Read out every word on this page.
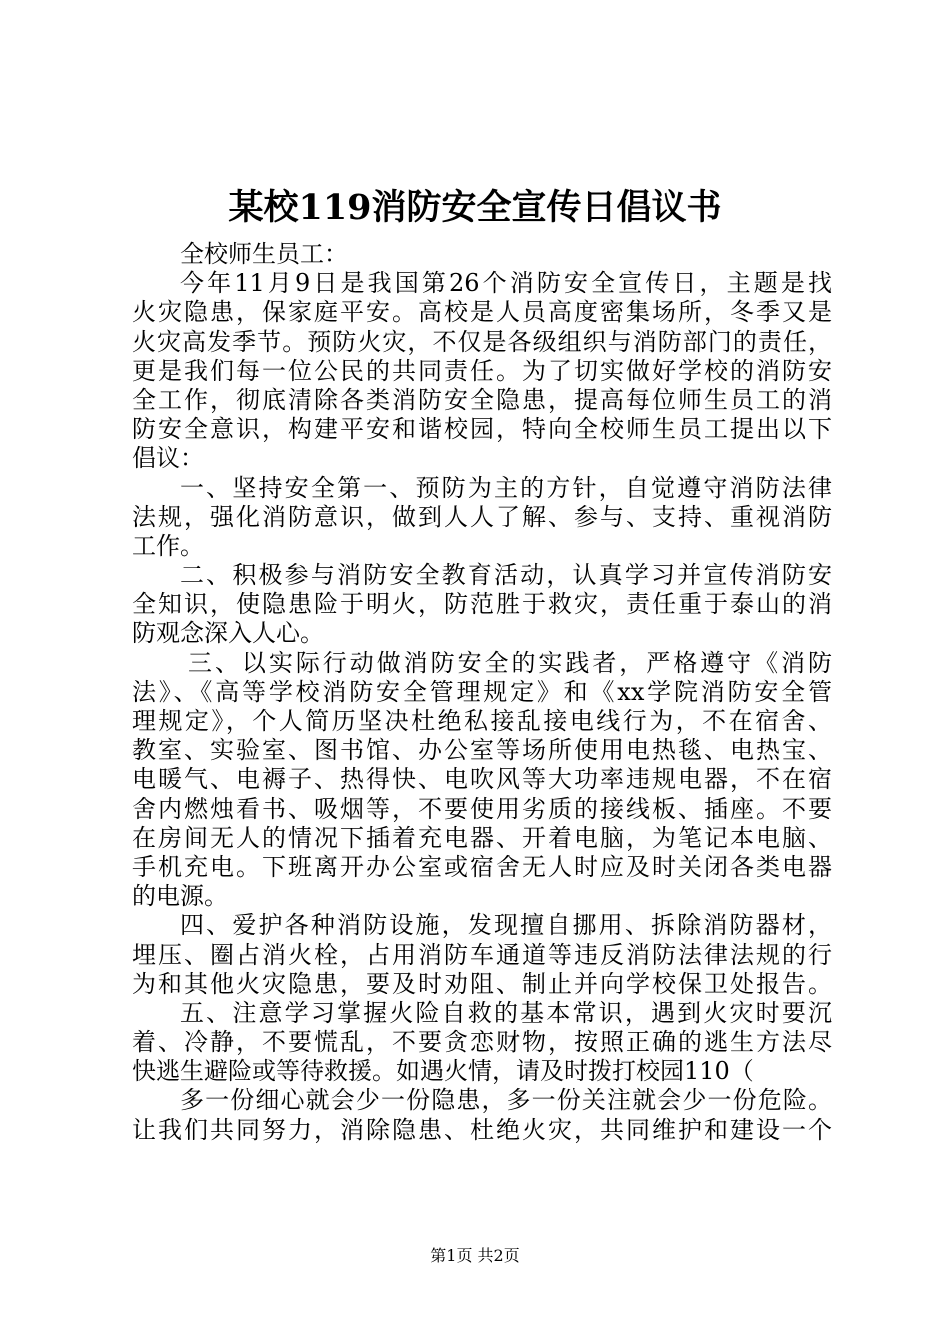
某校119消防安全宣传日倡议书
全校师生员工：
今年11月9日是我国第26个消防安全宣传日，主题是找
火灾隐患，保家庭平安。高校是人员高度密集场所，冬季又是
火灾高发季节。预防火灾，不仅是各级组织与消防部门的责任，
更是我们每一位公民的共同责任。为了切实做好学校的消防安
全工作，彻底清除各类消防安全隐患，提高每位师生员工的消
防安全意识，构建平安和谐校园，特向全校师生员工提出以下
倡议：
一、坚持安全第一、预防为主的方针，自觉遵守消防法律
法规，强化消防意识，做到人人了解、参与、支持、重视消防
工作。
二、积极参与消防安全教育活动，认真学习并宣传消防安
全知识，使隐患险于明火，防范胜于救灾，责任重于泰山的消
防观念深入人心。
三、以实际行动做消防安全的实践者，严格遵守《消防
法》、《高等学校消防安全管理规定》和《xx学院消防安全管
理规定》，个人简历坚决杜绝私接乱接电线行为，不在宿舍、
教室、实验室、图书馆、办公室等场所使用电热毯、电热宝、
电暖气、电褥子、热得快、电吹风等大功率违规电器，不在宿
舍内燃烛看书、吸烟等，不要使用劣质的接线板、插座。不要
在房间无人的情况下插着充电器、开着电脑，为笔记本电脑、
手机充电。下班离开办公室或宿舍无人时应及时关闭各类电器
的电源。
四、爱护各种消防设施，发现擅自挪用、拆除消防器材，
埋压、圈占消火栓，占用消防车通道等违反消防法律法规的行
为和其他火灾隐患，要及时劝阻、制止并向学校保卫处报告。
五、注意学习掌握火险自救的基本常识，遇到火灾时要沉
着、冷静，不要慌乱，不要贪恋财物，按照正确的逃生方法尽
快逃生避险或等待救援。如遇火情，请及时拨打校园110（
多一份细心就会少一份隐患，多一份关注就会少一份危险。
让我们共同努力，消除隐患、杜绝火灾，共同维护和建设一个
第1页 共2页
